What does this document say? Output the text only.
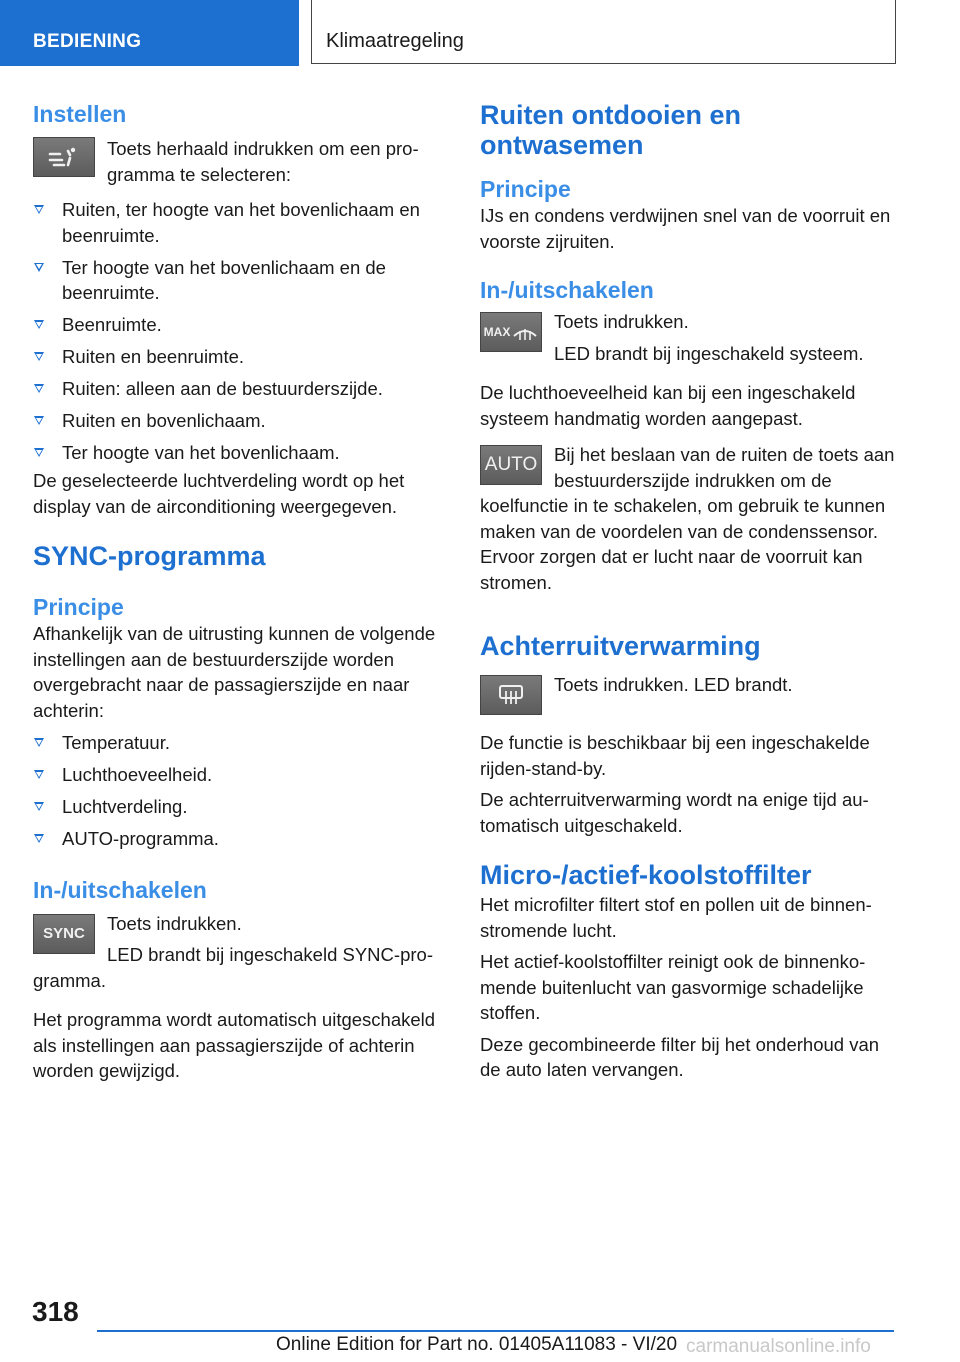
BEDIENING	Klimaatregeling
Instellen

Toets herhaald indrukken om een programma te selecteren:

Ruiten, ter hoogte van het bovenlichaam en beenruimte.
Ter hoogte van het bovenlichaam en de beenruimte.
Beenruimte.
Ruiten en beenruimte.
Ruiten: alleen aan de bestuurderszijde.
Ruiten en bovenlichaam.
Ter hoogte van het bovenlichaam.

De geselecteerde luchtverdeling wordt op het display van de airconditioning weergegeven.

SYNC-programma
Principe

Afhankelijk van de uitrusting kunnen de volgende instellingen aan de bestuurderszijde worden overgebracht naar de passagierszijde en naar achterin:

Temperatuur.
Luchthoeveelheid.
Luchtverdeling.
AUTO-programma.
In-/uitschakelen
SYNC	Toets indrukken.

LED brandt bij ingeschakeld SYNC-programma.

Het programma wordt automatisch uitgeschakeld als instellingen aan passagierszijde of achterin worden gewijzigd.

Ruiten ontdooien en ontwasemen
Principe

IJs en condens verdwijnen snel van de voorruit en voorste zijruiten.

In-/uitschakelen
MAX	Toets indrukken.

LED brandt bij ingeschakeld systeem.

De luchthoeveelheid kan bij een ingeschakeld systeem handmatig worden aangepast.

AUTO Bij het beslaan van de ruiten de toets aan bestuurderszijde indrukken om de koelfunctie in te schakelen, om gebruik te kunnen maken van de voordelen van de condenssensor. Ervoor zorgen dat er lucht naar de voorruit kan stromen.

Achterruitverwarming

Toets indrukken. LED brandt.

De functie is beschikbaar bij een ingeschakelde rijden-stand-by.

De achterruitverwarming wordt na enige tijd automatisch uitgeschakeld.

Micro-/actief-koolstoffilter

Het microfilter filtert stof en pollen uit de binnenstromende lucht.

Het actief-koolstoffilter reinigt ook de binnenkomende buitenlucht van gasvormige schadelijke stoffen.

Deze gecombineerde filter bij het onderhoud van de auto laten vervangen.

318
Online Edition for Part no. 01405A11083 - VI/20 carmanualsonline.info
